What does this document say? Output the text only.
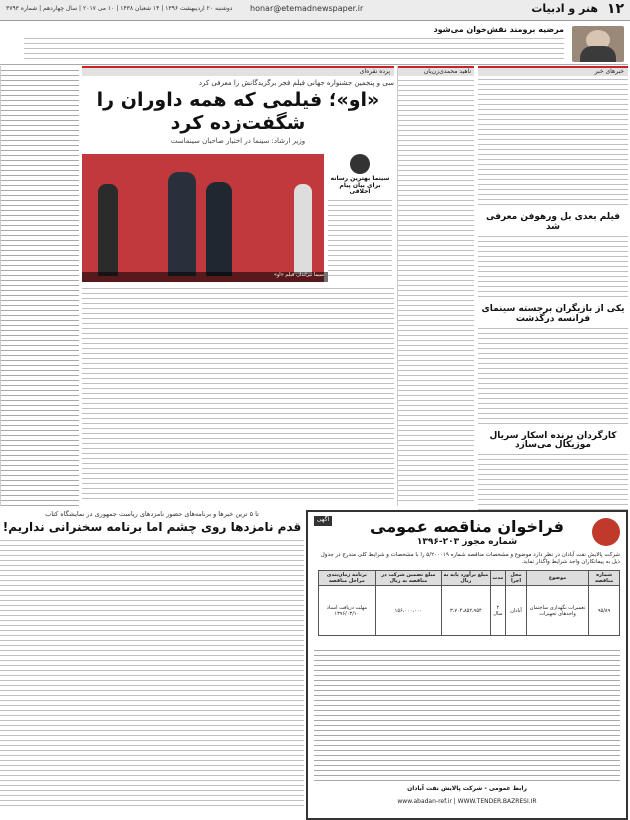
۱۲
هنر و ادبیات
honar@etemadnewspaper.ir
دوشنبه ۲۰ اردیبهشت ۱۳۹۶ | ۱۴ شعبان ۱۴۳۸ | ۱۰ می ۲۰۱۷ | سال چهاردهم | شماره ۳۷۹۳
مرضیه برومند نقش‌خوان می‌شود
خبرهای خبر
فیلم بعدی بل ورهوفن معرفی شد
یکی از بازیگران برجسته سینمای فرانسه درگذشت
کارگردان برنده اسکار سریال موزیکال می‌سازد
ناهید محمدی‌زن‌یان
پرده نقره‌ای
سی و پنجمین جشنواره جهانی فیلم فجر برگزیدگانش را معرفی کرد
«او»؛ فیلمی که همه داوران را
شگفت‌زده کرد
وزیر ارشاد: سینما در اختیار صاحبان سینماست
سیما تیرانداز، فیلم «او»
سینما بهترین رسانه برای بیان پیام اخلاقی
آگهی	فراخوان مناقصه عمومی
شماره مجوز ۲۰۳-۱۳۹۶
شرکت پالایش نفت آبادان در نظر دارد موضوع و مشخصات مناقصه شماره ۵/۲۰۰۰۱۹ را با مشخصات و شرایط کلی مندرج در جدول ذیل به پیمانکاران واجد شرایط واگذار نماید.
شماره مناقصه	موضوع	محل اجرا	مدت	مبلغ برآورد پایه به ریال	مبلغ تضمین شرکت در مناقصه به ریال	برنامه زمان‌بندی مراحل مناقصه
۹۵/۸۹	تعمیرات نگهداری ساختمان واحدهای تجهیزات	آبادان	۲ سال	۳،۷۰۴،۸۵۲،۹۵۴	۱۵۶،۰۰۰،۰۰۰	مهلت دریافت اسناد ۱۳۹۶/۰۳/۱۰
رابط عمومی - شرکت پالایش نفت آبادان
www.abadan-ref.ir | WWW.TENDER.BAZRESI.IR
تا ۵ ترین خبرها و برنامه‌های حضور نامزدهای ریاست جمهوری در نمایشگاه کتاب
قدم نامزدها روی چشم اما برنامه سخنرانی نداریم!
